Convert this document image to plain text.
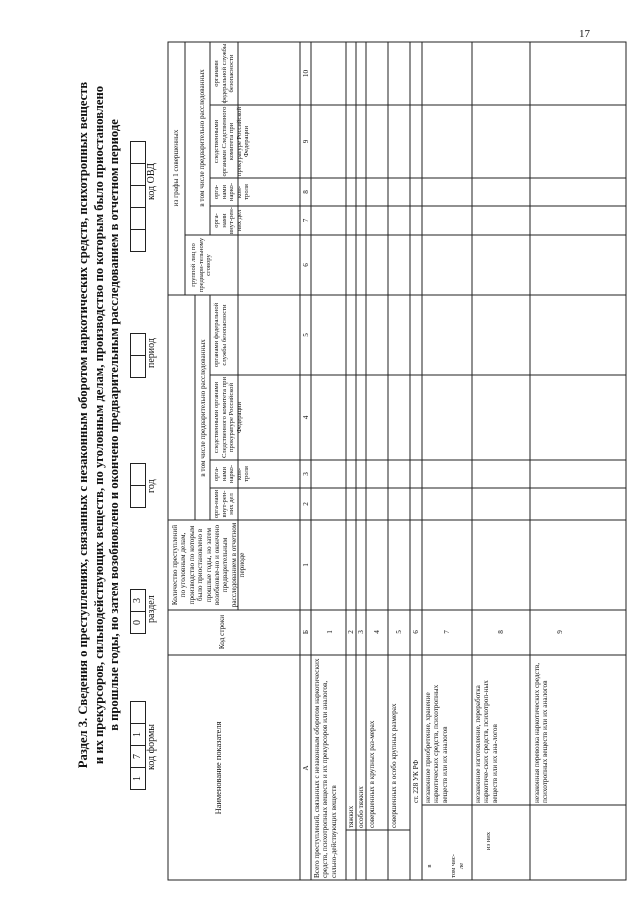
17
Раздел 3. Сведения о преступлениях, связанных с незаконным оборотом наркотических средств, психотропных веществ и их прекурсоров, сильнодействующих веществ, по уголовным делам, производство по которым было приостановлено в прошлые годы, но затем возобновлено и окончено предварительным расследованием в отчетном периоде
1
7
1 код формы
0
3 раздел
год
период
код ОВД
Наименование показателя
Код строки
Количество преступлений по уголовным делам, производство по которым было приостановлено в прошлые годы, но затем возобновле-но и окончено предварительным расследованием в отчетном периоде
в том числе предварительно расследованных
орга-нами внут-рен-них дел
орга-нами нарко-кон-троля
следственными органами Следственного комитета при прокуратуре Российской Федерации
органами федеральной службы безопасности
из графы 1 совершенных
группой лиц по предвари-тельному сговору
в том числе предварительно расследованных
орга-нами внут-рен-них дел
орга-нами нарко-кон-троля
следственными органами Следственного комитета при прокуратуре Российской Федерации
органами федеральной службы безопасности
А
Б
1
2
3
4
5
6
7
8
9
10
в	том чис-ле
из них
Всего преступлений, связанных с незаконным оборотом наркотических средств, психотропных веществ и их прекурсоров или аналогов, сильно-действующих веществ
1
тяжких
2
особо тяжких
3
совершенных в крупных раз-мерах
4
совершенных в особо крупных размерах
5
ст. 228 УК РФ
6
незаконное приобретение, хранение наркотических средств, психотропных веществ или их аналогов
7
незаконное изготовление, переработка наркотиче-ских средств, психотроп-ных веществ или их ана-логов
8
незаконная перевозка наркотических средств, психотропных веществ или их аналогов
9
